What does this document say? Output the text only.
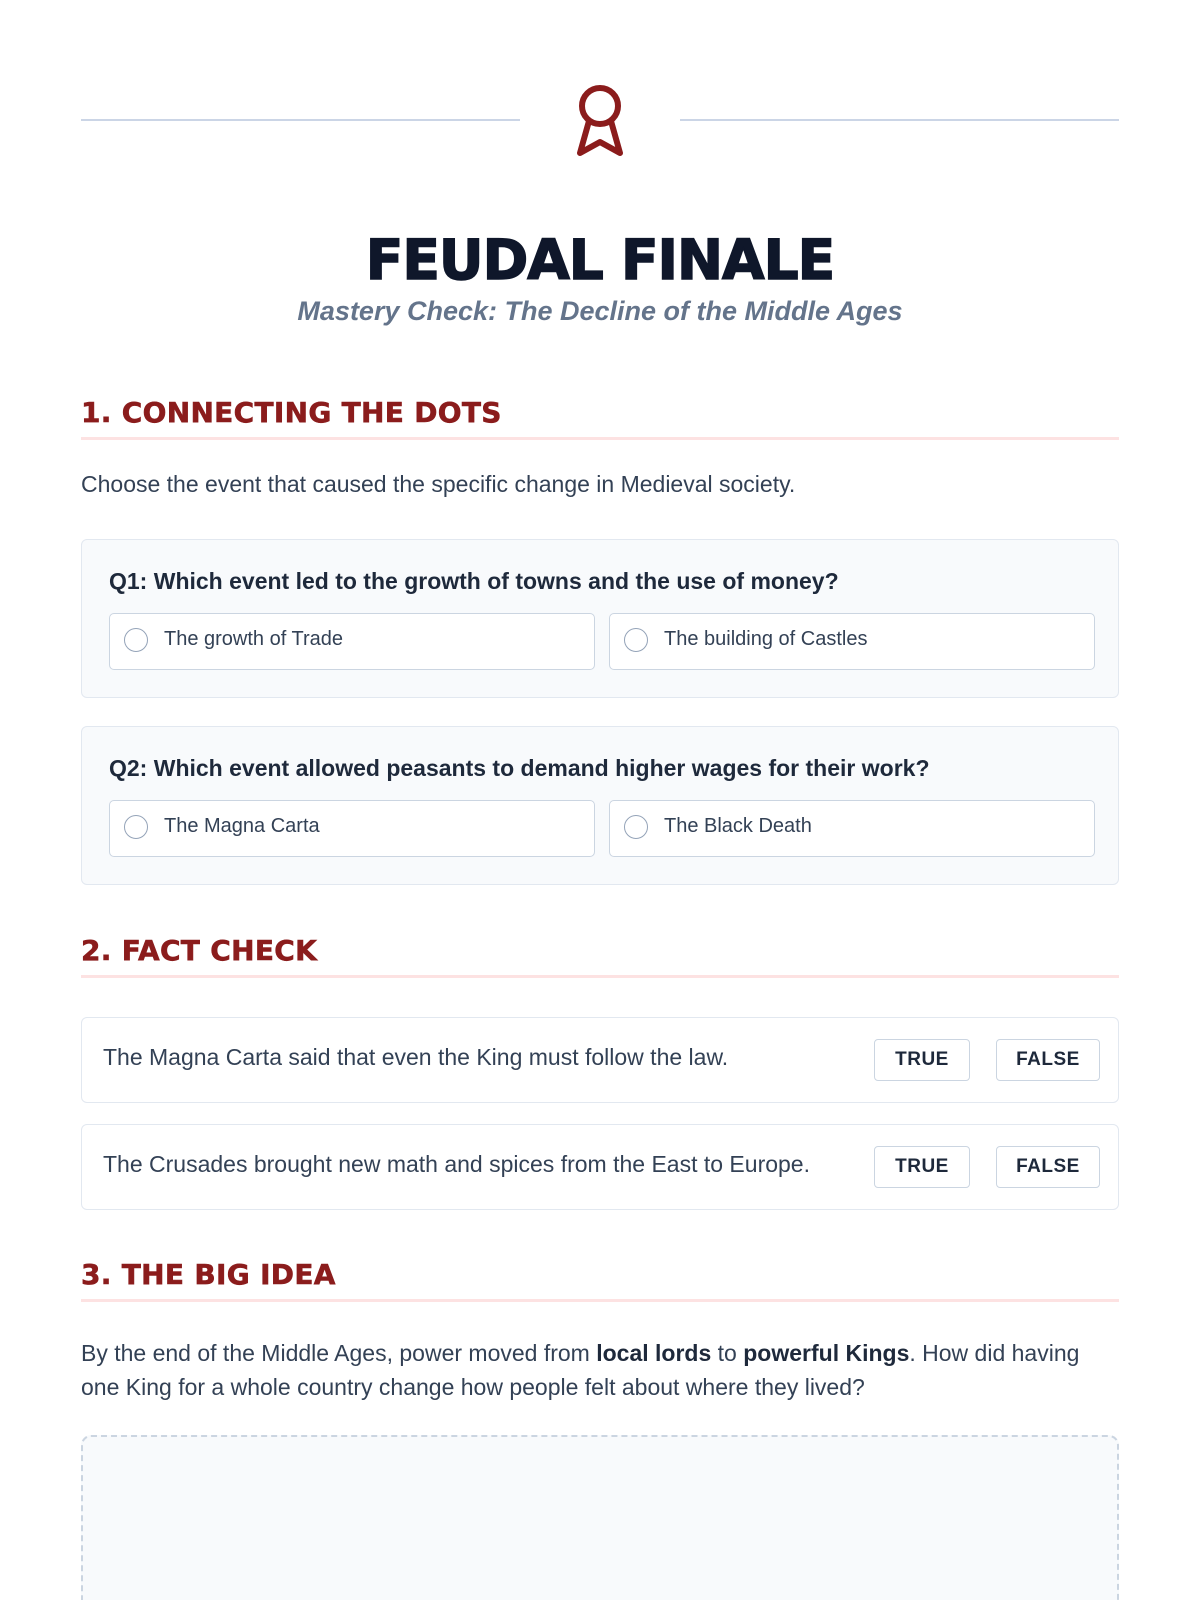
FEUDAL FINALE

Mastery Check: The Decline of the Middle Ages

1. CONNECTING THE DOTS

Choose the event that caused the specific change in Medieval society.

Q1: Which event led to the growth of towns and the use of money?

The growth of Trade	The building of Castles

Q2: Which event allowed peasants to demand higher wages for their work?

The Magna Carta	The Black Death
2. FACT CHECK

The Magna Carta said that even the King must follow the law.	TRUE	FALSE

The Crusades brought new math and spices from the East to Europe.	TRUE	FALSE
3. THE BIG IDEA

By the end of the Middle Ages, power moved from local lords to powerful Kings. How did having one King for a whole country change how people felt about where they lived?
